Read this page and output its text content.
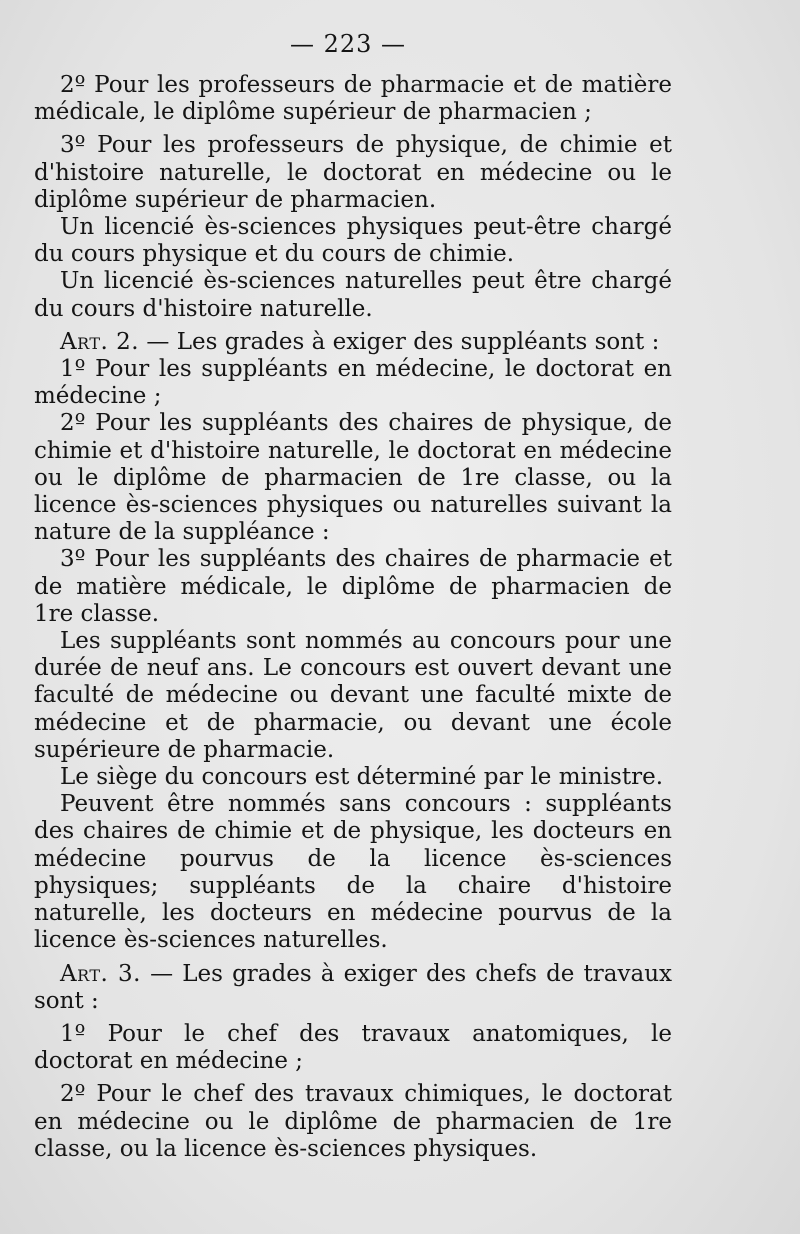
— 223 —

2º Pour les professeurs de pharmacie et de matière médicale, le diplôme supérieur de pharmacien ;

3º Pour les professeurs de physique, de chimie et d'histoire naturelle, le doctorat en médecine ou le diplôme supérieur de pharmacien.

Un licencié ès-sciences physiques peut-être chargé du cours physique et du cours de chimie.

Un licencié ès-sciences naturelles peut être chargé du cours d'histoire naturelle.

Art. 2. — Les grades à exiger des suppléants sont :

1º Pour les suppléants en médecine, le doctorat en médecine ;

2º Pour les suppléants des chaires de physique, de chimie et d'histoire naturelle, le doctorat en médecine ou le diplôme de pharmacien de 1re classe, ou la licence ès-sciences physiques ou naturelles suivant la nature de la suppléance :

3º Pour les suppléants des chaires de pharmacie et de matière médicale, le diplôme de pharmacien de 1re classe.

Les suppléants sont nommés au concours pour une durée de neuf ans. Le concours est ouvert devant une faculté de médecine ou devant une faculté mixte de médecine et de pharmacie, ou devant une école supérieure de pharmacie.

Le siège du concours est déterminé par le ministre.

Peuvent être nommés sans concours : suppléants des chaires de chimie et de physique, les docteurs en médecine pourvus de la licence ès-sciences physiques; suppléants de la chaire d'histoire naturelle, les docteurs en médecine pourvus de la licence ès-sciences naturelles.

Art. 3. — Les grades à exiger des chefs de travaux sont :

1º Pour le chef des travaux anatomiques, le doctorat en médecine ;

2º Pour le chef des travaux chimiques, le doctorat en médecine ou le diplôme de pharmacien de 1re classe, ou la licence ès-sciences physiques.
